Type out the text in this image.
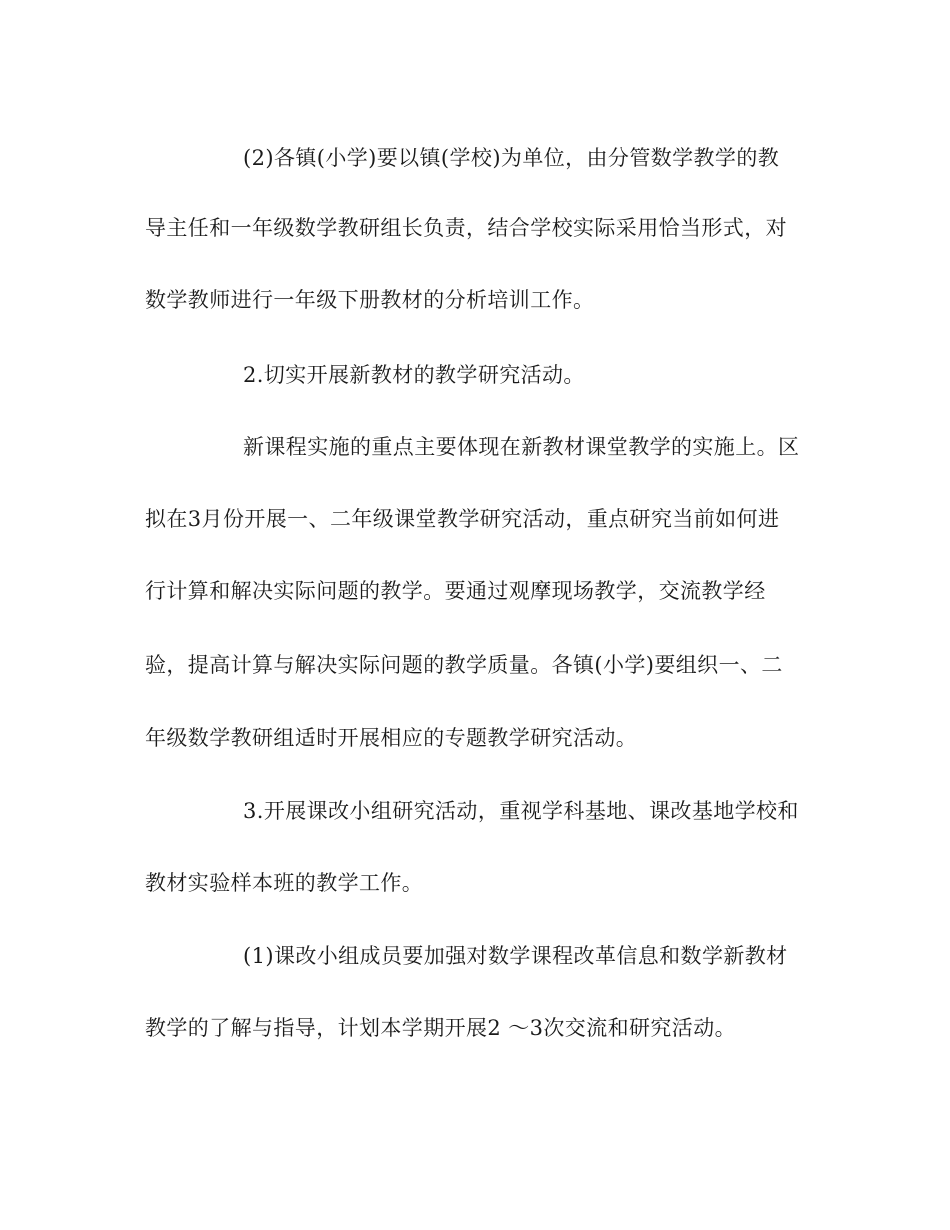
(2)各镇(小学)要以镇(学校)为单位，由分管数学教学的教
导主任和一年级数学教研组长负责，结合学校实际采用恰当形式，对
数学教师进行一年级下册教材的分析培训工作。
2.切实开展新教材的教学研究活动。
新课程实施的重点主要体现在新教材课堂教学的实施上。区
拟在3月份开展一、二年级课堂教学研究活动，重点研究当前如何进
行计算和解决实际问题的教学。要通过观摩现场教学，交流教学经
验，提高计算与解决实际问题的教学质量。各镇(小学)要组织一、二
年级数学教研组适时开展相应的专题教学研究活动。
3.开展课改小组研究活动，重视学科基地、课改基地学校和
教材实验样本班的教学工作。
(1)课改小组成员要加强对数学课程改革信息和数学新教材
教学的了解与指导，计划本学期开展2 ～3次交流和研究活动。
